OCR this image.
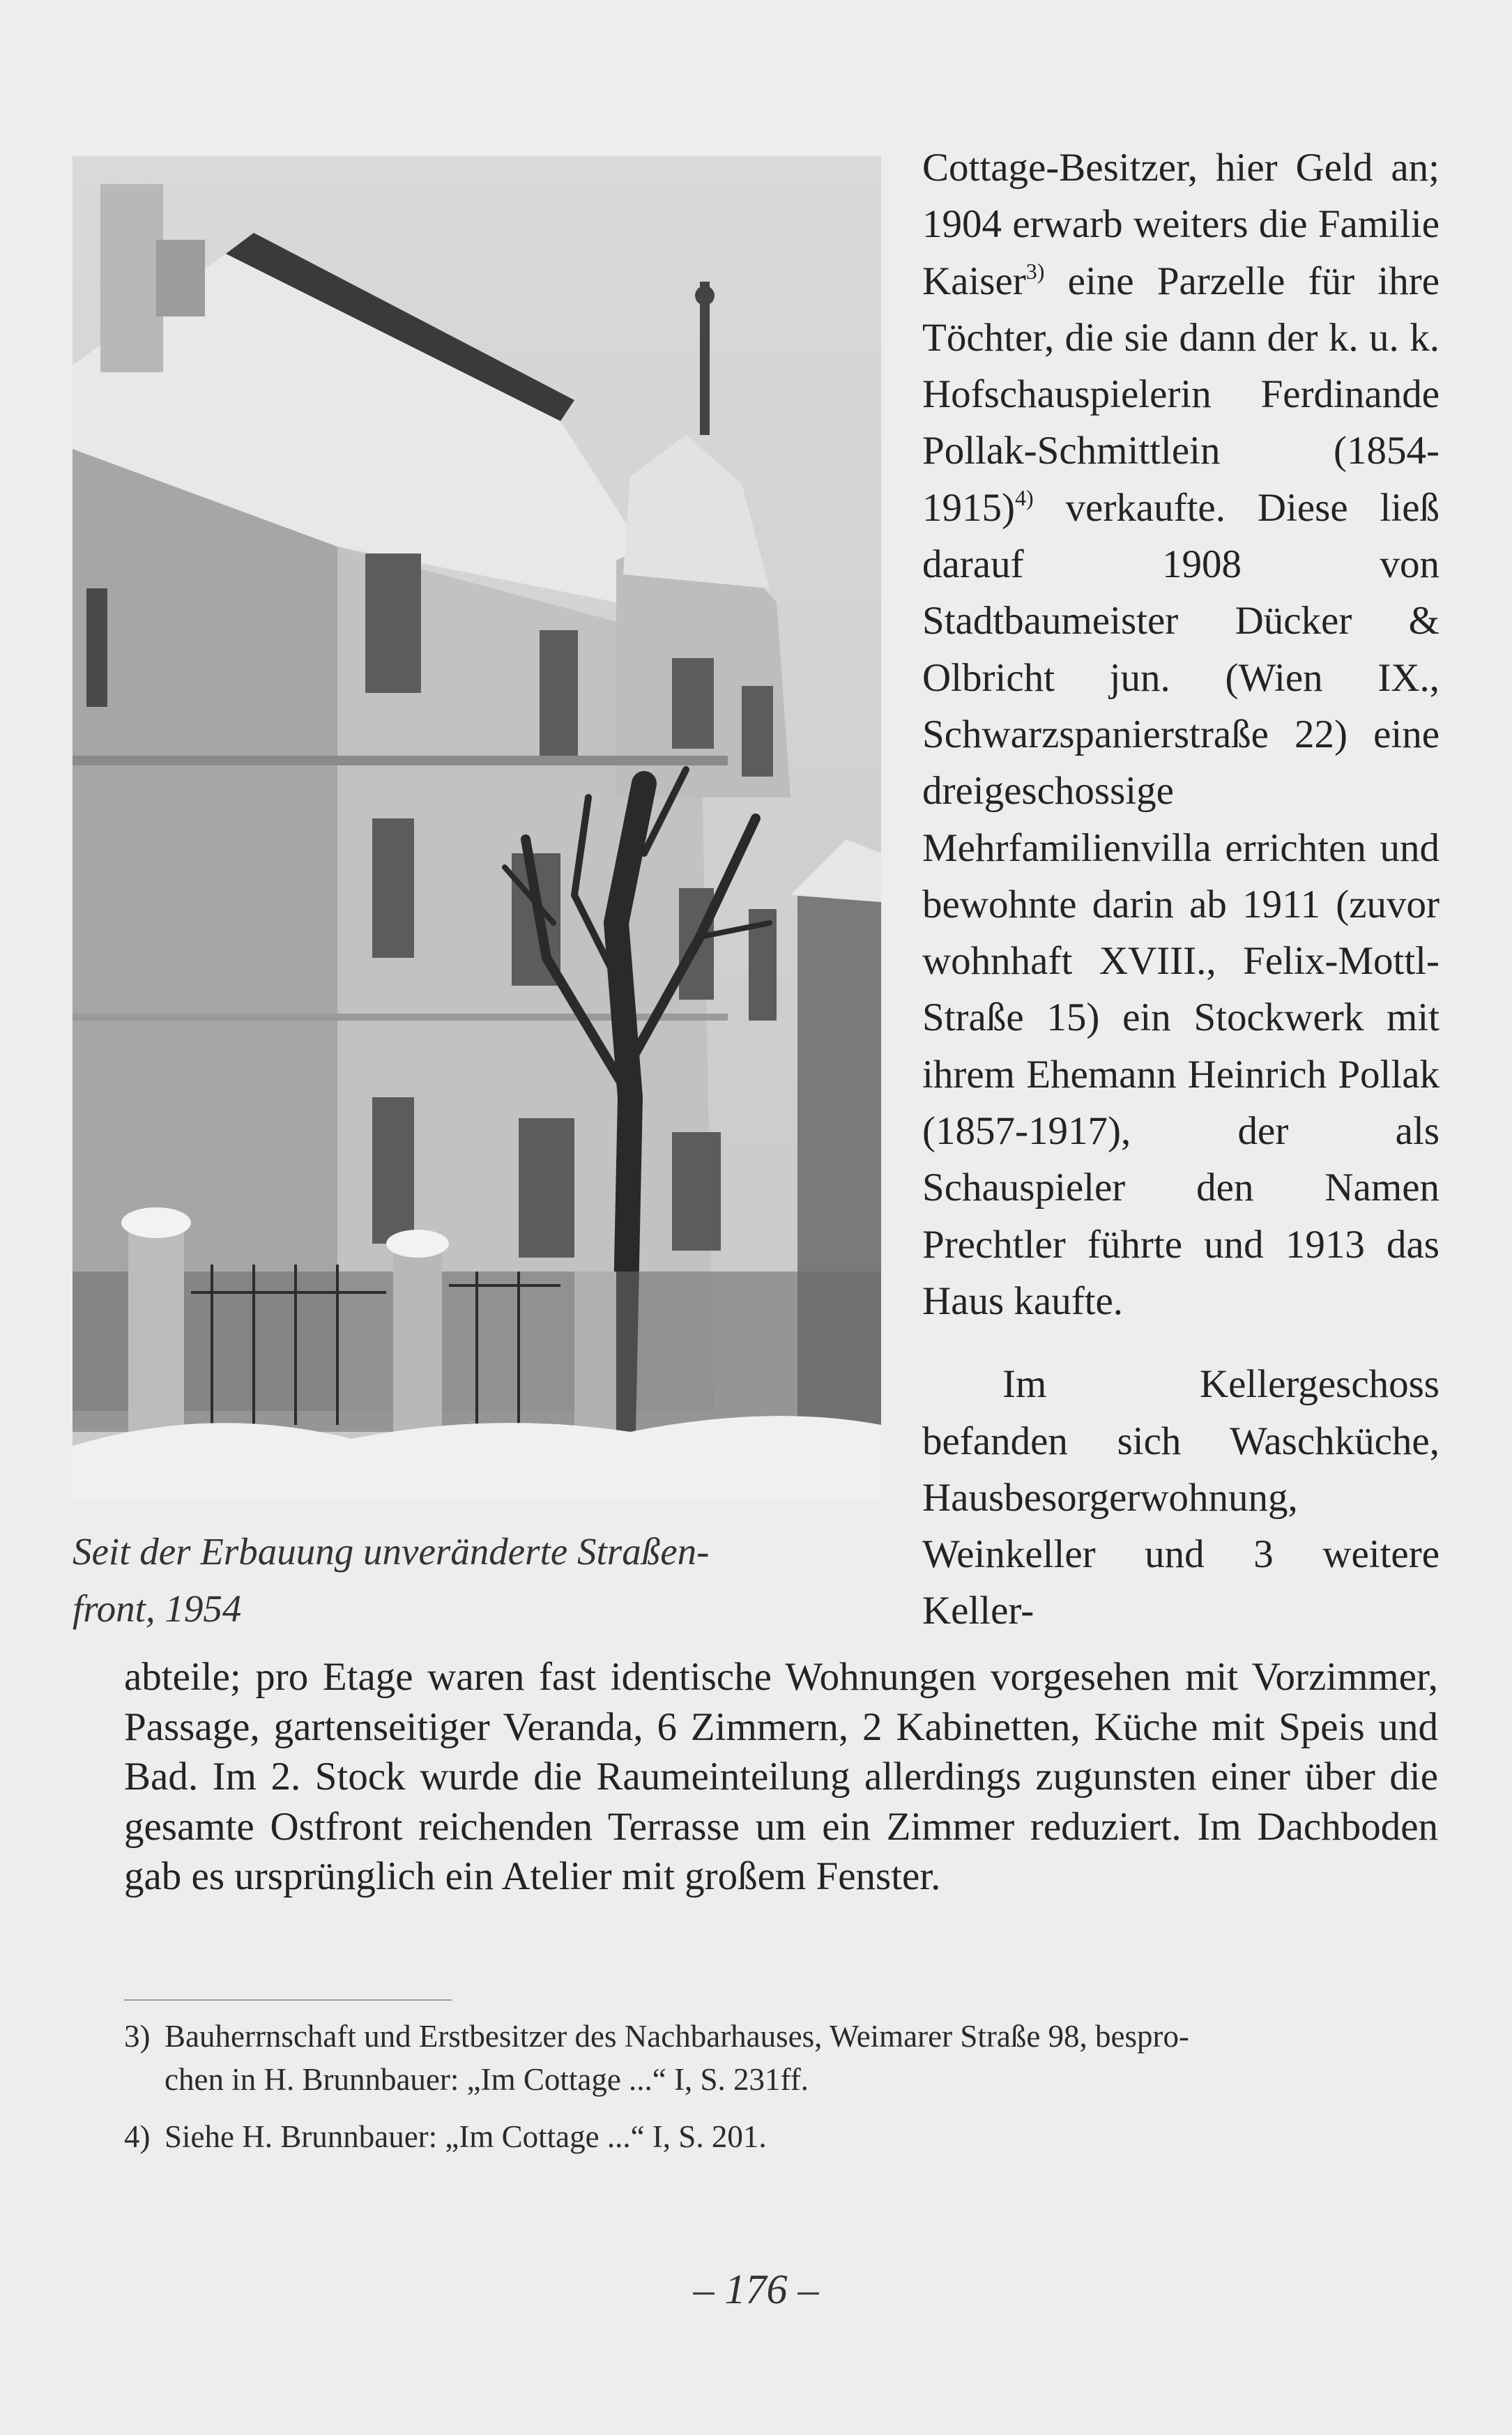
Seit der Erbauung unveränderte Straßen-
front, 1954

Cottage-Besitzer, hier Geld an; 1904 erwarb weiters die Familie Kaiser$^{3)}$ eine Parzelle für ihre Töchter, die sie dann der k. u. k. Hofschauspielerin Ferdinande Pollak-Schmittlein (1854-1915)$^{4)}$ verkaufte. Diese ließ darauf 1908 von Stadtbaumeister Dücker & Olbricht jun. (Wien IX., Schwarzspanierstraße 22) eine dreigeschossige Mehrfamilienvilla errichten und bewohnte darin ab 1911 (zuvor wohnhaft XVIII., Felix-Mottl-Straße 15) ein Stockwerk mit ihrem Ehemann Heinrich Pollak (1857-1917), der als Schauspieler den Namen Prechtler führte und 1913 das Haus kaufte.

Im Kellergeschoss befanden sich Waschküche, Hausbesorgerwohnung, Weinkeller und 3 weitere Keller-

abteile; pro Etage waren fast identische Wohnungen vorgesehen mit Vorzimmer, Passage, gartenseitiger Veranda, 6 Zimmern, 2 Kabinetten, Küche mit Speis und Bad. Im 2. Stock wurde die Raumeinteilung allerdings zugunsten einer über die gesamte Ostfront reichenden Terrasse um ein Zimmer reduziert. Im Dachboden gab es ursprünglich ein Atelier mit großem Fenster.
3) Bauherrnschaft und Erstbesitzer des Nachbarhauses, Weimarer Straße 98, bespro-
chen in H. Brunnbauer: „Im Cottage ...“ I, S. 231ff.
4) Siehe H. Brunnbauer: „Im Cottage ...“ I, S. 201.
– 176 –
